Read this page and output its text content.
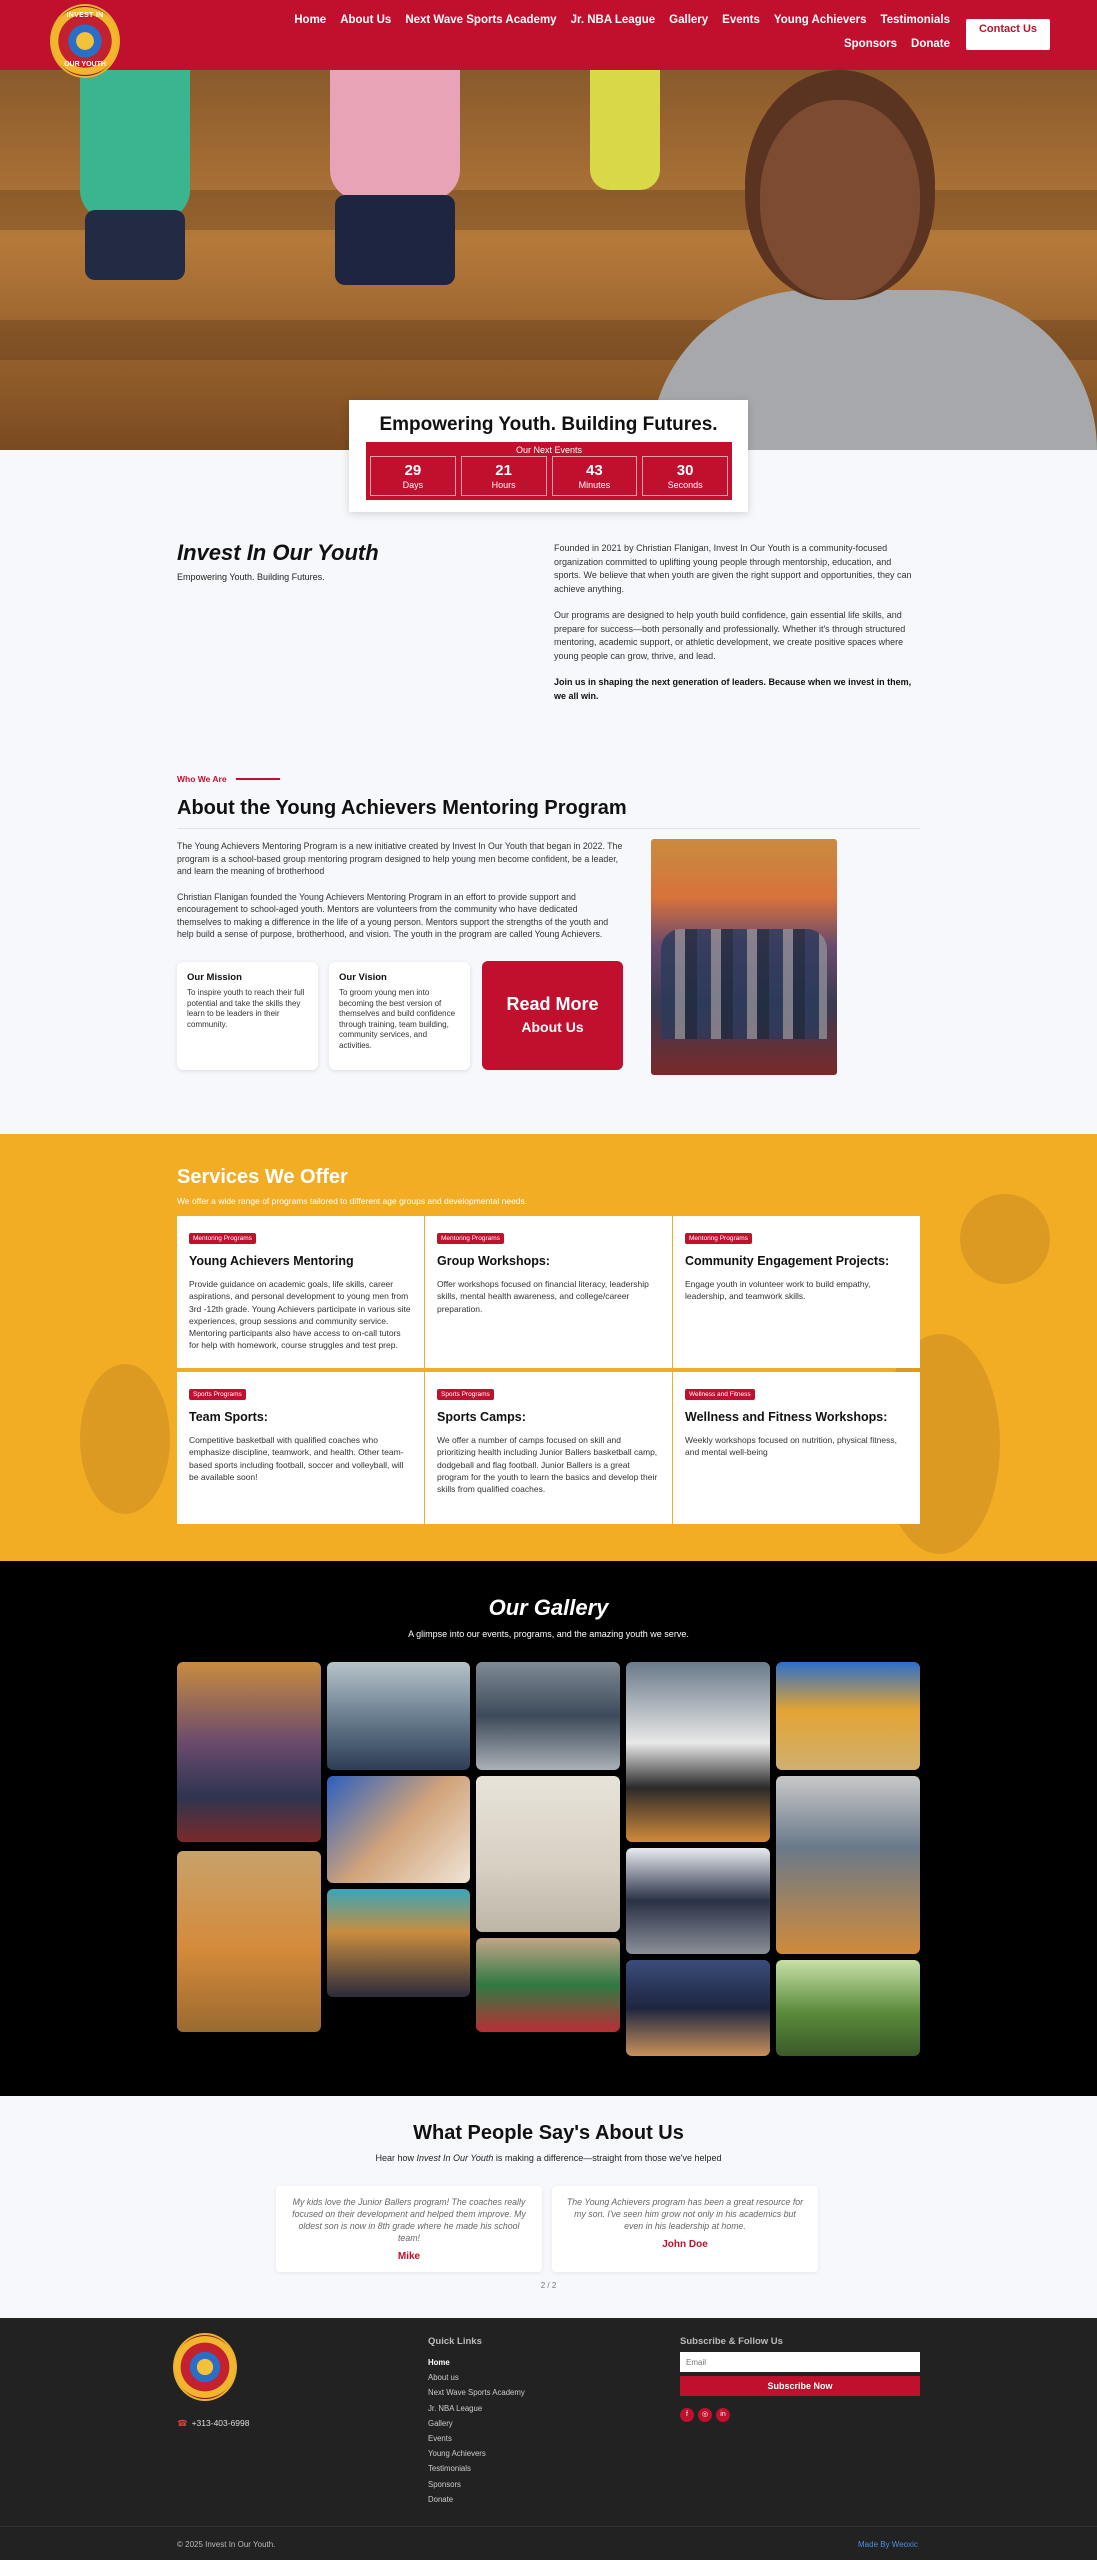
INVEST IN
OUR YOUTH
Home About Us Next Wave Sports Academy Jr. NBA League Gallery Events Young Achievers Testimonials
Sponsors Donate
Contact Us
Empowering Youth. Building Futures.
Our Next Events
29
Days
21
Hours
43
Minutes
30
Seconds
Invest In Our Youth
Empowering Youth. Building Futures.

Founded in 2021 by Christian Flanigan, Invest In Our Youth is a community-focused organization committed to uplifting young people through mentorship, education, and sports. We believe that when youth are given the right support and opportunities, they can achieve anything.

Our programs are designed to help youth build confidence, gain essential life skills, and prepare for success—both personally and professionally. Whether it's through structured mentoring, academic support, or athletic development, we create positive spaces where young people can grow, thrive, and lead.

Join us in shaping the next generation of leaders. Because when we invest in them, we all win.

Who We Are
About the Young Achievers Mentoring Program

The Young Achievers Mentoring Program is a new initiative created by Invest In Our Youth that began in 2022. The program is a school-based group mentoring program designed to help young men become confident, be a leader, and learn the meaning of brotherhood

Christian Flanigan founded the Young Achievers Mentoring Program in an effort to provide support and encouragement to school-aged youth. Mentors are volunteers from the community who have dedicated themselves to making a difference in the life of a young person. Mentors support the strengths of the youth and help build a sense of purpose, brotherhood, and vision. The youth in the program are called Young Achievers.

Our Mission

To inspire youth to reach their full potential and take the skills they learn to be leaders in their community.

Our Vision

To groom young men into becoming the best version of themselves and build confidence through training, team building, community services, and activities.

Read More
About Us
Services We Offer
We offer a wide range of programs tailored to different age groups and developmental needs.
Mentoring Programs
Young Achievers Mentoring

Provide guidance on academic goals, life skills, career aspirations, and personal development to young men from 3rd -12th grade. Young Achievers participate in various site experiences, group sessions and community service. Mentoring participants also have access to on-call tutors for help with homework, course struggles and test prep.

Mentoring Programs
Group Workshops:

Offer workshops focused on financial literacy, leadership skills, mental health awareness, and college/career preparation.

Mentoring Programs
Community Engagement Projects:

Engage youth in volunteer work to build empathy, leadership, and teamwork skills.

Sports Programs
Team Sports:

Competitive basketball with qualified coaches who emphasize discipline, teamwork, and health. Other team-based sports including football, soccer and volleyball, will be available soon!

Sports Programs
Sports Camps:

We offer a number of camps focused on skill and prioritizing health including Junior Ballers basketball camp, dodgeball and flag football. Junior Ballers is a great program for the youth to learn the basics and develop their skills from qualified coaches.

Wellness and Fitness
Wellness and Fitness Workshops:

Weekly workshops focused on nutrition, physical fitness, and mental well-being

Our Gallery
A glimpse into our events, programs, and the amazing youth we serve.
What People Say's About Us
Hear how Invest In Our Youth is making a difference—straight from those we've helped

My kids love the Junior Ballers program! The coaches really focused on their development and helped them improve. My oldest son is now in 8th grade where he made his school team!

Mike

The Young Achievers program has been a great resource for my son. I've seen him grow not only in his academics but even in his leadership at home.

John Doe
2 / 2
☎ +313-403-6998
Quick Links
Home
About us
Next Wave Sports Academy
Jr. NBA League
Gallery
Events
Young Achievers
Testimonials
Sponsors
Donate
Subscribe & Follow Us
Email
Subscribe Now
f	◎	in
© 2025 Invest In Our Youth.	Made By Weoxic
